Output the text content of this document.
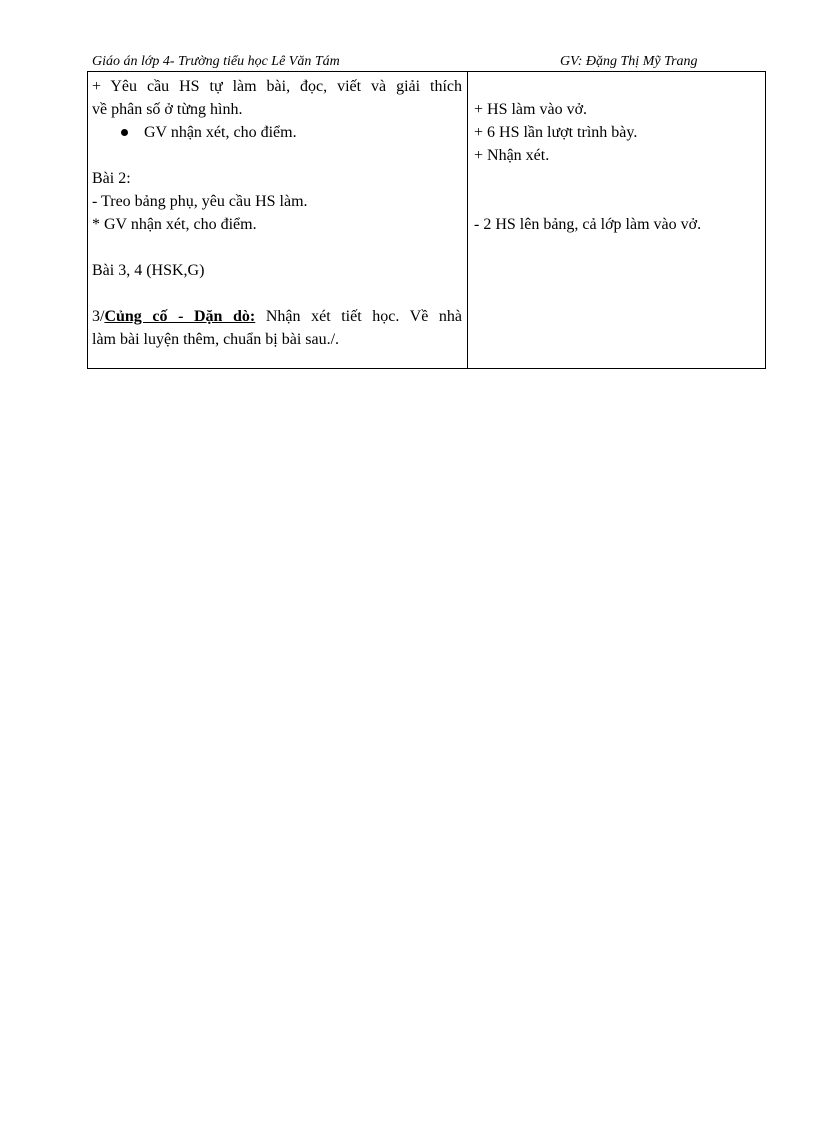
Giáo án lớp 4- Trường tiểu học Lê Văn Tám	GV: Đặng Thị Mỹ Trang
+ Yêu cầu HS tự làm bài, đọc, viết và giải thích
về phân số ở từng hình.
GV nhận xét, cho điểm.
Bài 2:
- Treo bảng phụ, yêu cầu HS làm.
* GV nhận xét, cho điểm.
Bài 3, 4 (HSK,G)
3/Củng cố - Dặn dò: Nhận xét tiết học. Về nhà
làm bài luyện thêm, chuẩn bị bài sau./.
+ HS làm vào vở.
+ 6 HS lần lượt trình bày.
+ Nhận xét.
- 2 HS lên bảng, cả lớp làm vào vở.
